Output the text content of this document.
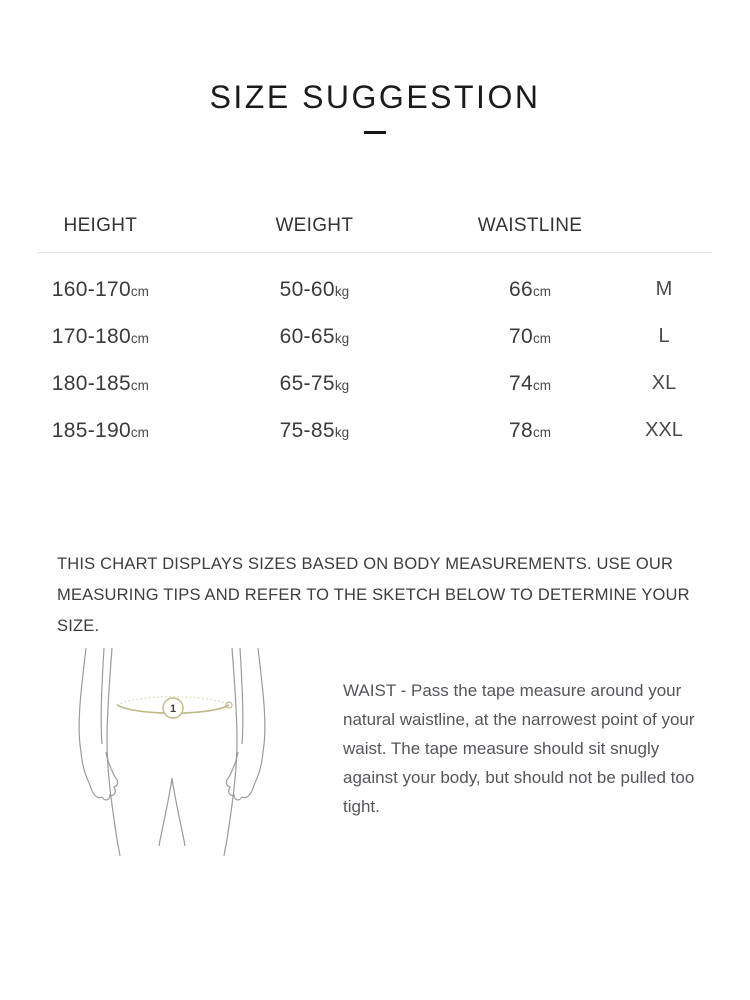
SIZE SUGGESTION
HEIGHT	WEIGHT	WAISTLINE
160-170cm	50-60kg	66cm	M
170-180cm	60-65kg	70cm	L
180-185cm	65-75kg	74cm	XL
185-190cm	75-85kg	78cm	XXL
THIS CHART DISPLAYS SIZES BASED ON BODY MEASUREMENTS. USE OUR MEASURING TIPS AND REFER TO THE SKETCH BELOW TO DETERMINE YOUR SIZE.
1
WAIST - Pass the tape measure around your natural waistline, at the narrowest point of your waist. The tape measure should sit snugly against your body, but should not be pulled too tight.
